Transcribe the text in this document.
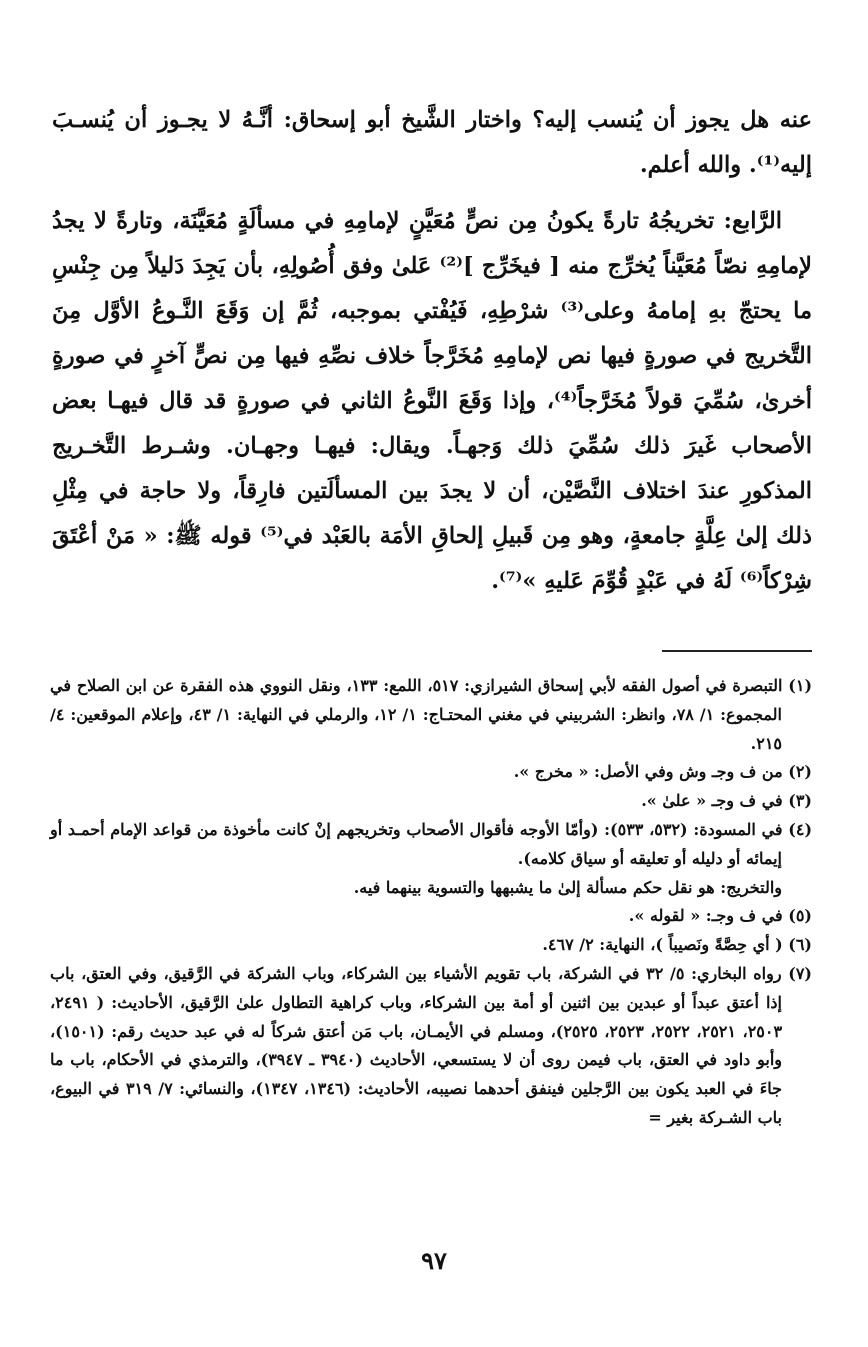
عنه هل يجوز أن يُنسب إليه؟ واختار الشَّيخ أبو إسحاق: أنَّـهُ لا يجـوز أن يُنسـبَ إليه⁽¹⁾. والله أعلم.

الرَّابع: تخريجُهُ تارةً يكونُ مِن نصٍّ مُعَيَّنٍ لإمامِهِ في مسألَةٍ مُعَيَّنَة، وتارةً لا يجدُ لإمامِهِ نصّاً مُعَيَّناً يُخرِّج منه [ فيخَرِّج ]⁽²⁾ عَلىٰ وفق أُصُولِهِ، بأن يَجِدَ دَليلاً مِن جِنْسِ ما يحتجّ بهِ إمامهُ وعلى⁽³⁾ شرْطِهِ، فَيُفْتي بموجبه، ثُمَّ إن وَقَعَ النَّـوعُ الأوَّل مِنَ التَّخريج في صورةٍ فيها نص لإمامِهِ مُخَرَّجاً خلاف نصِّهِ فيها مِن نصٍّ آخرٍ في صورةٍ أخرىٰ، سُمِّيَ قولاً مُخَرَّجاً⁽⁴⁾، وإذا وَقَعَ النَّوعُ الثاني في صورةٍ قد قال فيهـا بعض الأصحاب غَيرَ ذلك سُمِّيَ ذلك وَجهـاً. ويقال: فيهـا وجهـان. وشـرط التَّخـريج المذكورِ عندَ اختلاف النَّصَّيْن، أن لا يجدَ بين المسألَتين فارِقاً، ولا حاجة في مِثْلِ ذلك إلىٰ عِلَّةٍ جامعةٍ، وهو مِن قَبيلِ إلحاقِ الأمَة بالعَبْد في⁽⁵⁾ قوله ﷺ: « مَنْ أعْتَقَ شِرْكاً⁽⁶⁾ لَهُ في عَبْدٍ قُوِّمَ عَليهِ »⁽⁷⁾.

(١) التبصرة في أصول الفقه لأبي إسحاق الشيرازي: ٥١٧، اللمع: ١٣٣، ونقل النووي هذه الفقرة عن ابن الصلاح في المجموع: ١/ ٧٨، وانظر: الشربيني في مغني المحتـاج: ١/ ١٢، والرملي في النهاية: ١/ ٤٣، وإعلام الموقعين: ٤/ ٢١٥.

(٢) من ف وجـ وش وفي الأصل: « مخرج ».

(٣) في ف وجـ « علىٰ ».

(٤) في المسودة: (٥٣٢، ٥٣٣): (وأمّا الأوجه فأقوال الأصحاب وتخريجهم إنْ كانت مأخوذة من قواعد الإمام أحمـد أو إيمائه أو دليله أو تعليقه أو سياق كلامه).

والتخريج: هو نقل حكم مسألة إلىٰ ما يشبهها والتسوية بينهما فيه.

(٥) في ف وجـ: « لقوله ».

(٦) ( أي حِصَّةً ونَصيباً )، النهاية: ٢/ ٤٦٧.

(٧) رواه البخاري: ٥/ ٣٢ في الشركة، باب تقويم الأشياء بين الشركاء، وباب الشركة في الرَّقيق، وفي العتق، باب إذا أعتق عبداً أو عبدين بين اثنين أو أمة بين الشركاء، وباب كراهية التطاول علىٰ الرَّقيق، الأحاديث: ( ٢٤٩١، ٢٥٠٣، ٢٥٢١، ٢٥٢٢، ٢٥٢٣، ٢٥٢٥)، ومسلم في الأيمـان، باب مَن أعتق شركاً له في عبد حديث رقم: (١٥٠١)، وأبو داود في العتق، باب فيمن روى أن لا يستسعي، الأحاديث (٣٩٤٠ ـ ٣٩٤٧)، والترمذي في الأحكام، باب ما جاءَ في العبد يكون بين الرَّجلين فينفق أحدهما نصيبه، الأحاديث: (١٣٤٦، ١٣٤٧)، والنسائي: ٧/ ٣١٩ في البيوع، باب الشـركة بغير =

٩٧
